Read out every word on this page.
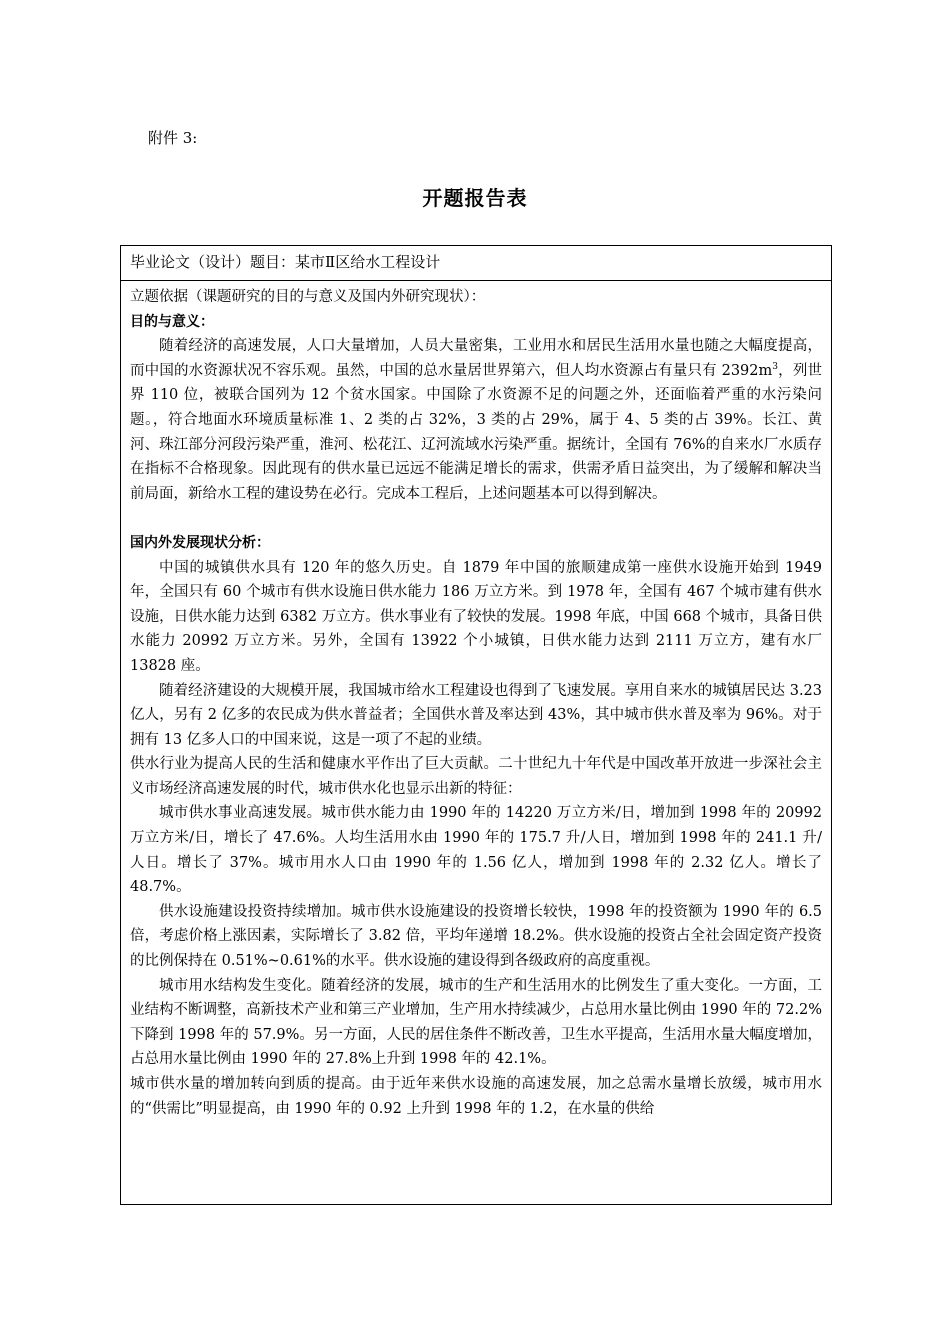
附件 3:
开题报告表
毕业论文（设计）题目：某市Ⅱ区给水工程设计

立题依据（课题研究的目的与意义及国内外研究现状）：

目的与意义：

随着经济的高速发展，人口大量增加，人员大量密集，工业用水和居民生活用水量也随之大幅度提高，而中国的水资源状况不容乐观。虽然，中国的总水量居世界第六，但人均水资源占有量只有 $2392m^3$，列世界 110 位，被联合国列为 12 个贫水国家。中国除了水资源不足的问题之外，还面临着严重的水污染问题。，符合地面水环境质量标准 1、2 类的占 32%，3 类的占 29%，属于 4、5 类的占 39%。长江、黄河、珠江部分河段污染严重，淮河、松花江、辽河流域水污染严重。据统计，全国有 76%的自来水厂水质存在指标不合格现象。因此现有的供水量已远远不能满足增长的需求，供需矛盾日益突出，为了缓解和解决当前局面，新给水工程的建设势在必行。完成本工程后，上述问题基本可以得到解决。

国内外发展现状分析：

中国的城镇供水具有 120 年的悠久历史。自 1879 年中国的旅顺建成第一座供水设施开始到 1949 年，全国只有 60 个城市有供水设施日供水能力 186 万立方米。到 1978 年，全国有 467 个城市建有供水设施，日供水能力达到 6382 万立方。供水事业有了较快的发展。1998 年底，中国 668 个城市，具备日供水能力 20992 万立方米。另外，全国有 13922 个小城镇，日供水能力达到 2111 万立方，建有水厂 13828 座。

随着经济建设的大规模开展，我国城市给水工程建设也得到了飞速发展。享用自来水的城镇居民达 3.23 亿人，另有 2 亿多的农民成为供水普益者；全国供水普及率达到 43%，其中城市供水普及率为 96%。对于拥有 13 亿多人口的中国来说，这是一项了不起的业绩。

供水行业为提高人民的生活和健康水平作出了巨大贡献。二十世纪九十年代是中国改革开放进一步深社会主义市场经济高速发展的时代，城市供水化也显示出新的特征：

城市供水事业高速发展。城市供水能力由 1990 年的 14220 万立方米/日，增加到 1998 年的 20992 万立方米/日，增长了 47.6%。人均生活用水由 1990 年的 175.7 升/人日，增加到 1998 年的 241.1 升/人日。增长了 37%。城市用水人口由 1990 年的 1.56 亿人，增加到 1998 年的 2.32 亿人。增长了 48.7%。

供水设施建设投资持续增加。城市供水设施建设的投资增长较快，1998 年的投资额为 1990 年的 6.5 倍，考虑价格上涨因素，实际增长了 3.82 倍，平均年递增 18.2%。供水设施的投资占全社会固定资产投资的比例保持在 0.51%~0.61%的水平。供水设施的建设得到各级政府的高度重视。

城市用水结构发生变化。随着经济的发展，城市的生产和生活用水的比例发生了重大变化。一方面，工业结构不断调整，高新技术产业和第三产业增加，生产用水持续减少，占总用水量比例由 1990 年的 72.2%下降到 1998 年的 57.9%。另一方面，人民的居住条件不断改善，卫生水平提高，生活用水量大幅度增加，占总用水量比例由 1990 年的 27.8%上升到 1998 年的 42.1%。

城市供水量的增加转向到质的提高。由于近年来供水设施的高速发展，加之总需水量增长放缓，城市用水的“供需比”明显提高，由 1990 年的 0.92 上升到 1998 年的 1.2，在水量的供给
